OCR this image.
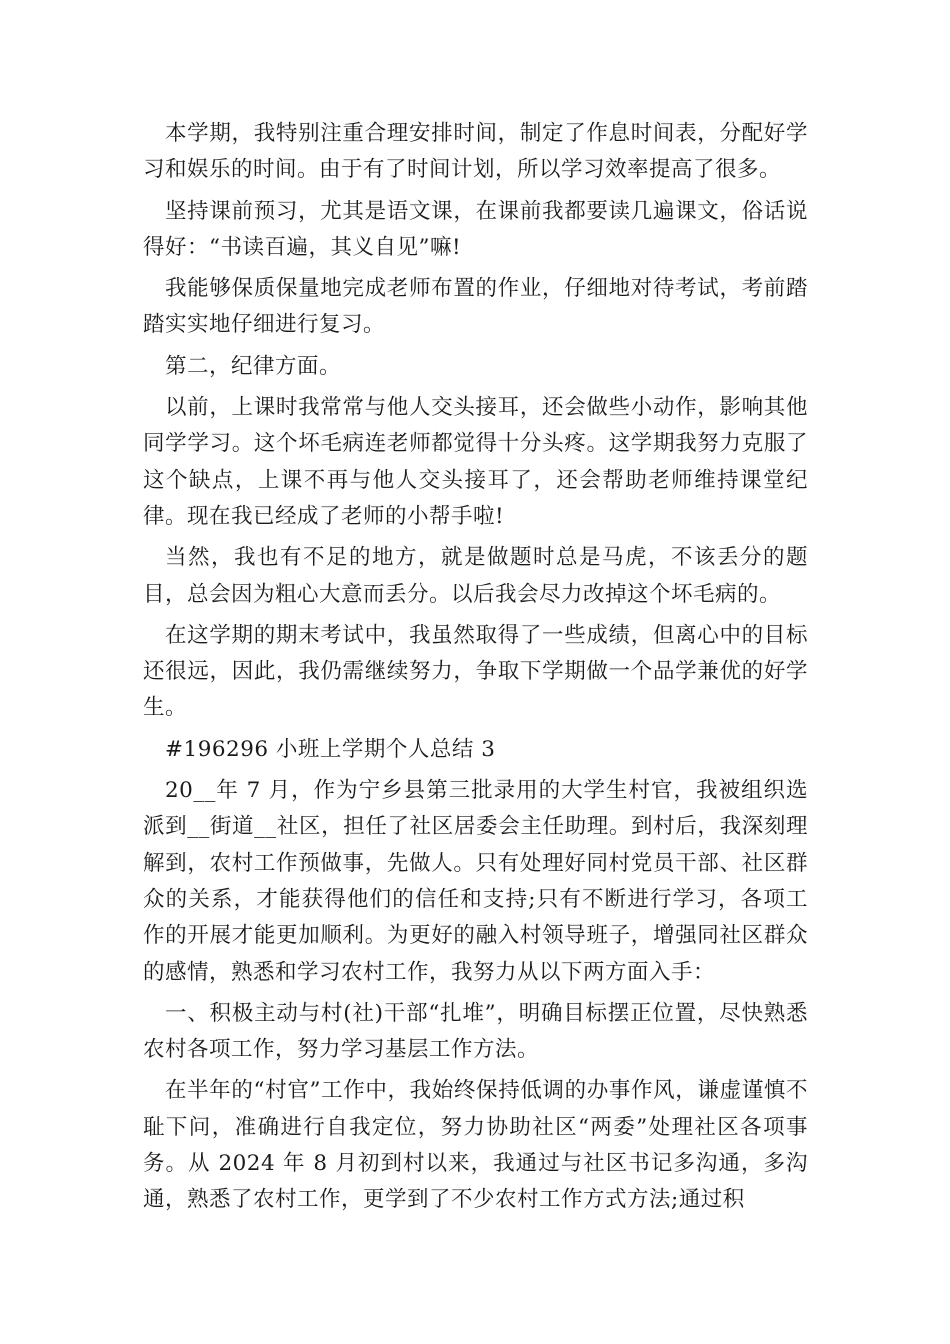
本学期，我特别注重合理安排时间，制定了作息时间表，分配好学习和娱乐的时间。由于有了时间计划，所以学习效率提高了很多。

坚持课前预习，尤其是语文课，在课前我都要读几遍课文，俗话说得好：“书读百遍，其义自见”嘛!

我能够保质保量地完成老师布置的作业，仔细地对待考试，考前踏踏实实地仔细进行复习。

第二，纪律方面。

以前，上课时我常常与他人交头接耳，还会做些小动作，影响其他同学学习。这个坏毛病连老师都觉得十分头疼。这学期我努力克服了这个缺点，上课不再与他人交头接耳了，还会帮助老师维持课堂纪律。现在我已经成了老师的小帮手啦!

当然，我也有不足的地方，就是做题时总是马虎，不该丢分的题目，总会因为粗心大意而丢分。以后我会尽力改掉这个坏毛病的。

在这学期的期末考试中，我虽然取得了一些成绩，但离心中的目标还很远，因此，我仍需继续努力，争取下学期做一个品学兼优的好学生。

#196296 小班上学期个人总结 3

20__年 7 月，作为宁乡县第三批录用的大学生村官，我被组织选派到__街道__社区，担任了社区居委会主任助理。到村后，我深刻理解到，农村工作预做事，先做人。只有处理好同村党员干部、社区群众的关系，才能获得他们的信任和支持;只有不断进行学习，各项工作的开展才能更加顺利。为更好的融入村领导班子，增强同社区群众的感情，熟悉和学习农村工作，我努力从以下两方面入手：

一、积极主动与村(社)干部“扎堆”，明确目标摆正位置，尽快熟悉农村各项工作，努力学习基层工作方法。

在半年的“村官”工作中，我始终保持低调的办事作风，谦虚谨慎不耻下问，准确进行自我定位，努力协助社区“两委”处理社区各项事务。从 2024 年 8 月初到村以来，我通过与社区书记多沟通，多沟通，熟悉了农村工作，更学到了不少农村工作方式方法;通过积
